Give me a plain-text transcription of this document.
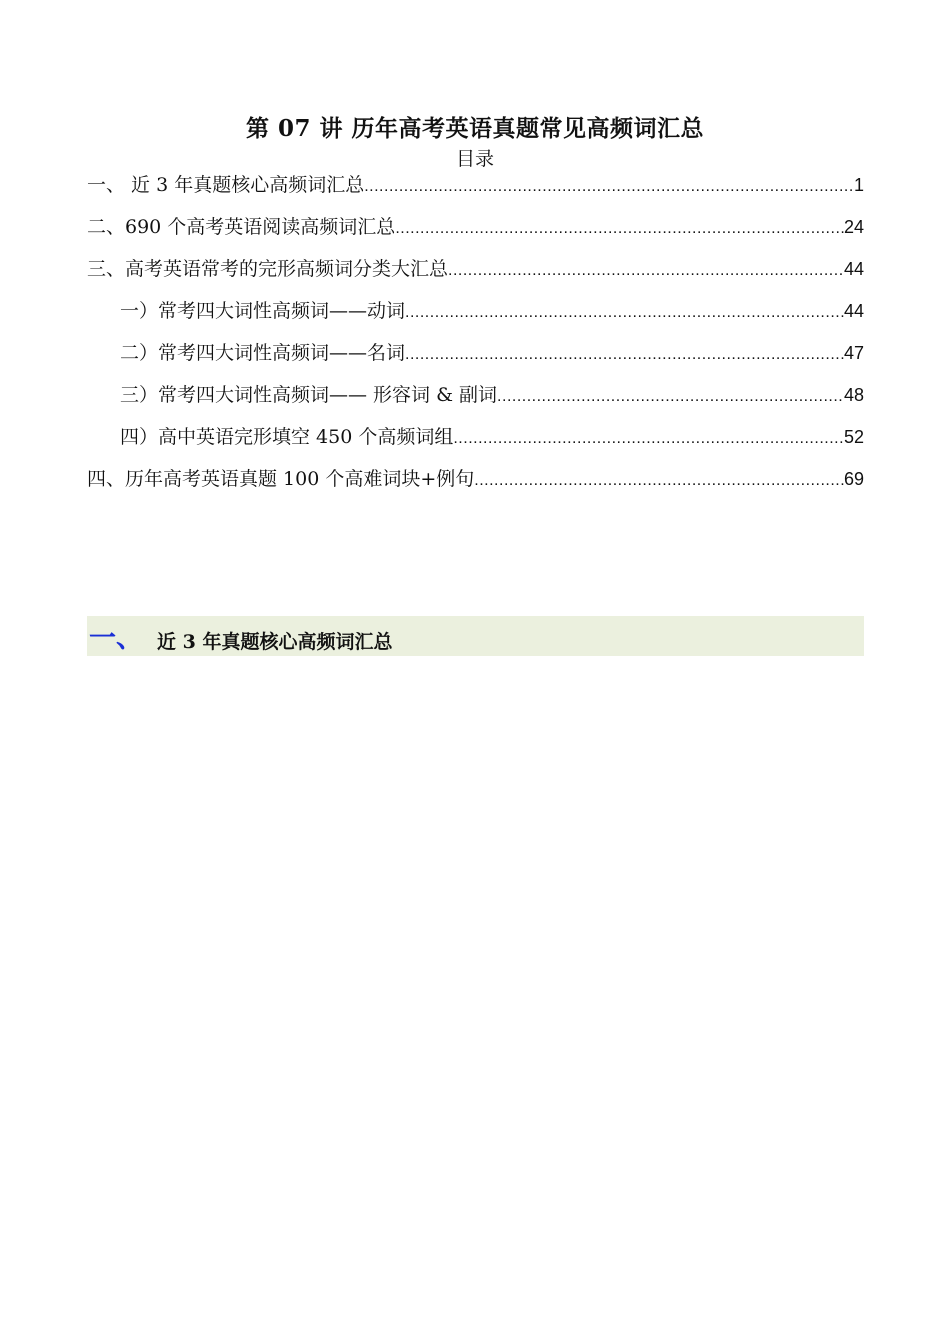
第 07 讲 历年高考英语真题常见高频词汇总
目录
一、 近 3 年真题核心高频词汇总 .....	1
二、690 个高考英语阅读高频词汇总 .....	24
三、高考英语常考的完形高频词分类大汇总 .....	44
一）常考四大词性高频词——动词 .....	44
二）常考四大词性高频词——名词 .....	47
三）常考四大词性高频词—— 形容词 & 副词 .....	48
四）高中英语完形填空 450 个高频词组 .....	52
四、历年高考英语真题 100 个高难词块+例句 .....	69
一、 近 3 年真题核心高频词汇总
